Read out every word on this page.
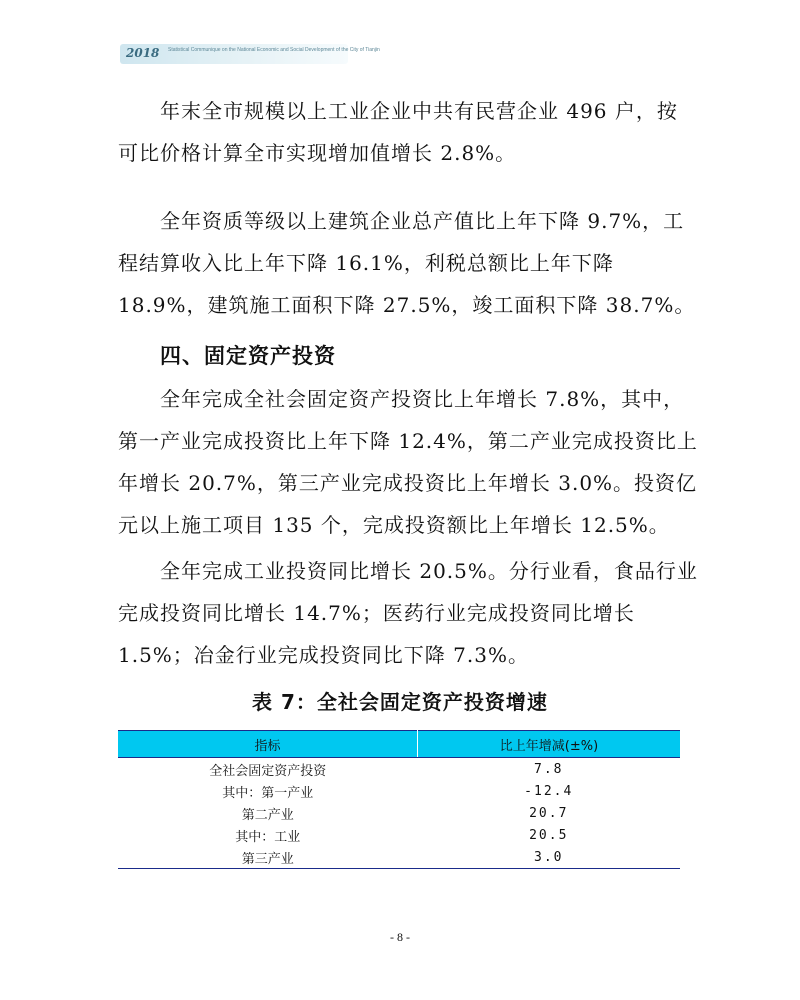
2018 Statistical Communique on the National Economic and Social Development of the City of Tianjin

年末全市规模以上工业企业中共有民营企业 496 户，按可比价格计算全市实现增加值增长 2.8%。

全年资质等级以上建筑企业总产值比上年下降 9.7%，工程结算收入比上年下降 16.1%，利税总额比上年下降 18.9%，建筑施工面积下降 27.5%，竣工面积下降 38.7%。

四、固定资产投资

全年完成全社会固定资产投资比上年增长 7.8%，其中，第一产业完成投资比上年下降 12.4%，第二产业完成投资比上年增长 20.7%，第三产业完成投资比上年增长 3.0%。投资亿元以上施工项目 135 个，完成投资额比上年增长 12.5%。

全年完成工业投资同比增长 20.5%。分行业看，食品行业完成投资同比增长 14.7%；医药行业完成投资同比增长 1.5%；冶金行业完成投资同比下降 7.3%。

表 7：全社会固定资产投资增速
指标	比上年增减(±%)
全社会固定资产投资	7.8
其中：第一产业	-12.4
第二产业	20.7
其中：工业	20.5
第三产业	3.0
- 8 -
